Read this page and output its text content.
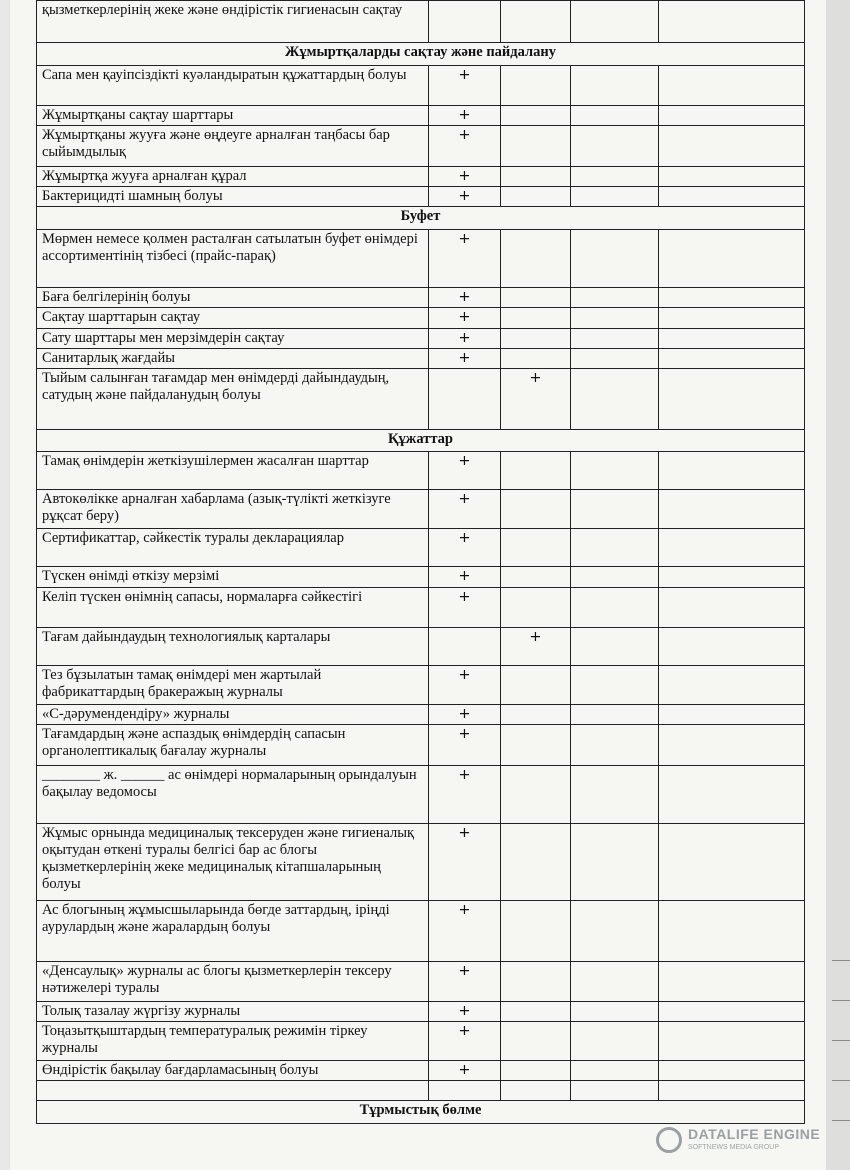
қызметкерлерінің жеке және өндірістік гигиенасын сақтау				
Жұмыртқаларды сақтау және пайдалану				
Сапа мен қауіпсіздікті куәландыратын құжаттардың болуы	+			
Жұмыртқаны сақтау шарттары	+			
Жұмыртқаны жууға және өңдеуге арналған таңбасы бар сыйымдылық	+			
Жұмыртқа жууға арналған құрал	+			
Бактерицидті шамның болуы	+			
Буфет				
Мөрмен немесе қолмен расталған сатылатын буфет өнімдері ассортиментінің тізбесі (прайс-парақ)	+			
Баға белгілерінің болуы	+			
Сақтау шарттарын сақтау	+			
Сату шарттары мен мерзімдерін сақтау	+			
Санитарлық жағдайы	+			
Тыйым салынған тағамдар мен өнімдерді дайындаудың, сатудың және пайдаланудың болуы		+		
Құжаттар				
Тамақ өнімдерін жеткізушілермен жасалған шарттар	+			
Автокөлікке арналған хабарлама (азық-түлікті жеткізуге рұқсат беру)	+			
Сертификаттар, сәйкестік туралы декларациялар	+			
Түскен өнімді өткізу мерзімі	+			
Келіп түскен өнімнің сапасы, нормаларға сәйкестігі	+			
Тағам дайындаудың технологиялық карталары		+		
Тез бұзылатын тамақ өнімдері мен жартылай фабрикаттардың бракеражың журналы	+			
«С-дәрумендендіру» журналы	+			
Тағамдардың және аспаздық өнімдердің сапасын органолептикалық бағалау журналы	+			
________ ж. ______ ас өнімдері нормаларының орындалуын бақылау ведомосы	+			
Жұмыс орнында медициналық тексеруден және гигиеналық оқытудан өткені туралы белгісі бар ас блогы қызметкерлерінің жеке медициналық кітапшаларының болуы	+			
Ас блогының жұмысшыларында бөгде заттардың, іріңді аурулардың және жаралардың болуы	+			
«Денсаулық» журналы ас блогы қызметкерлерін тексеру нәтижелері туралы	+			
Толық тазалау жүргізу журналы	+			
Тоңазытқыштардың температуралық режимін тіркеу журналы	+			
Өндірістік бақылау бағдарламасының болуы	+			

Тұрмыстық бөлме				
DATALIFE ENGINE
SOFTNEWS MEDIA GROUP
